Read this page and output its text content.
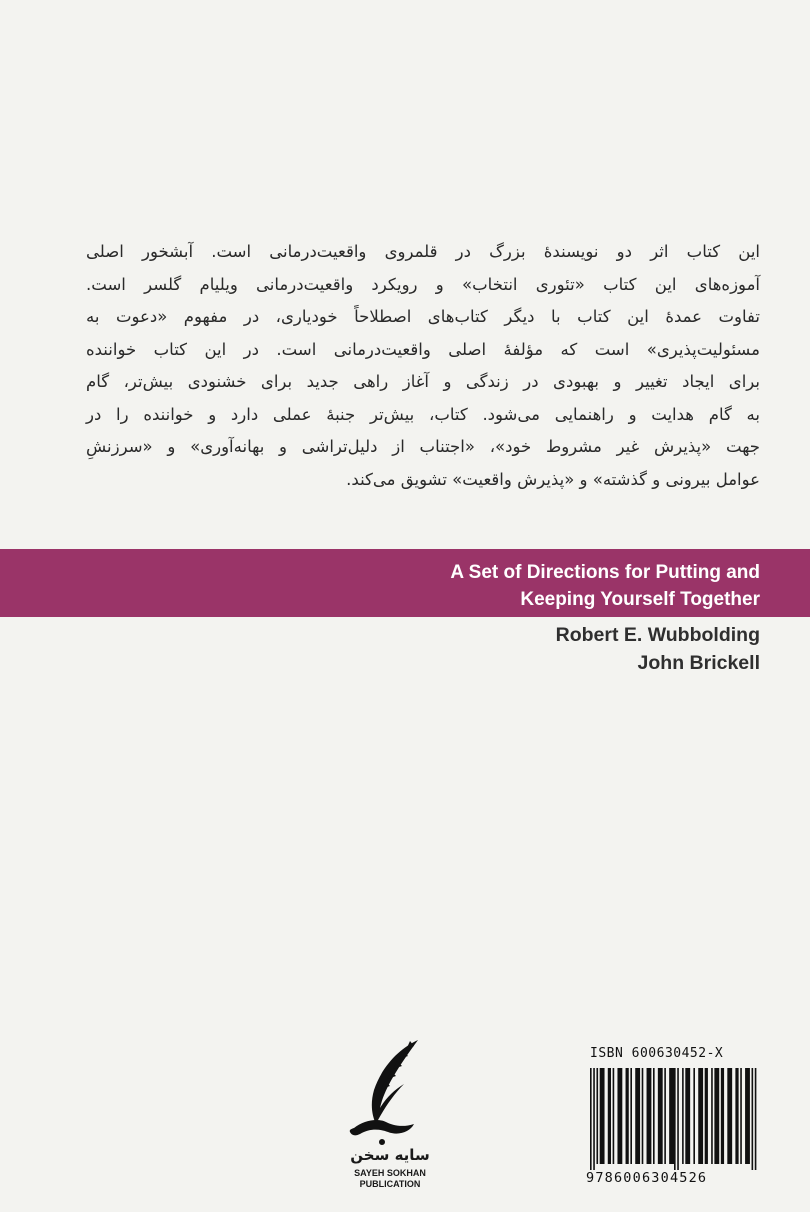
این کتاب اثر دو نویسندهٔ بزرگ در قلمروی واقعیت‌درمانی است. آبشخور اصلی
آموزه‌های این کتاب «تئوری انتخاب» و رویکرد واقعیت‌درمانی ویلیام گلسر است.
تفاوت عمدهٔ این کتاب با دیگر کتاب‌های اصطلاحاً خودیاری، در مفهوم «دعوت به
مسئولیت‌پذیری» است که مؤلفهٔ اصلی واقعیت‌درمانی است. در این کتاب خواننده
برای ایجاد تغییر و بهبودی در زندگی و آغاز راهی جدید برای خشنودی بیش‌تر، گام
به گام هدایت و راهنمایی می‌شود. کتاب، بیش‌تر جنبهٔ عملی دارد و خواننده را در
جهت «پذیرش غیر مشروط خود»، «اجتناب از دلیل‌تراشی و بهانه‌آوری» و «سرزنشِ
عوامل بیرونی و گذشته» و «پذیرش واقعیت» تشویق می‌کند.
A Set of Directions for Putting and
Keeping Yourself Together
Robert E. Wubbolding
John Brickell
سایه سخن
SAYEH SOKHAN
PUBLICATION
ISBN 600630452-X
9786006304526
